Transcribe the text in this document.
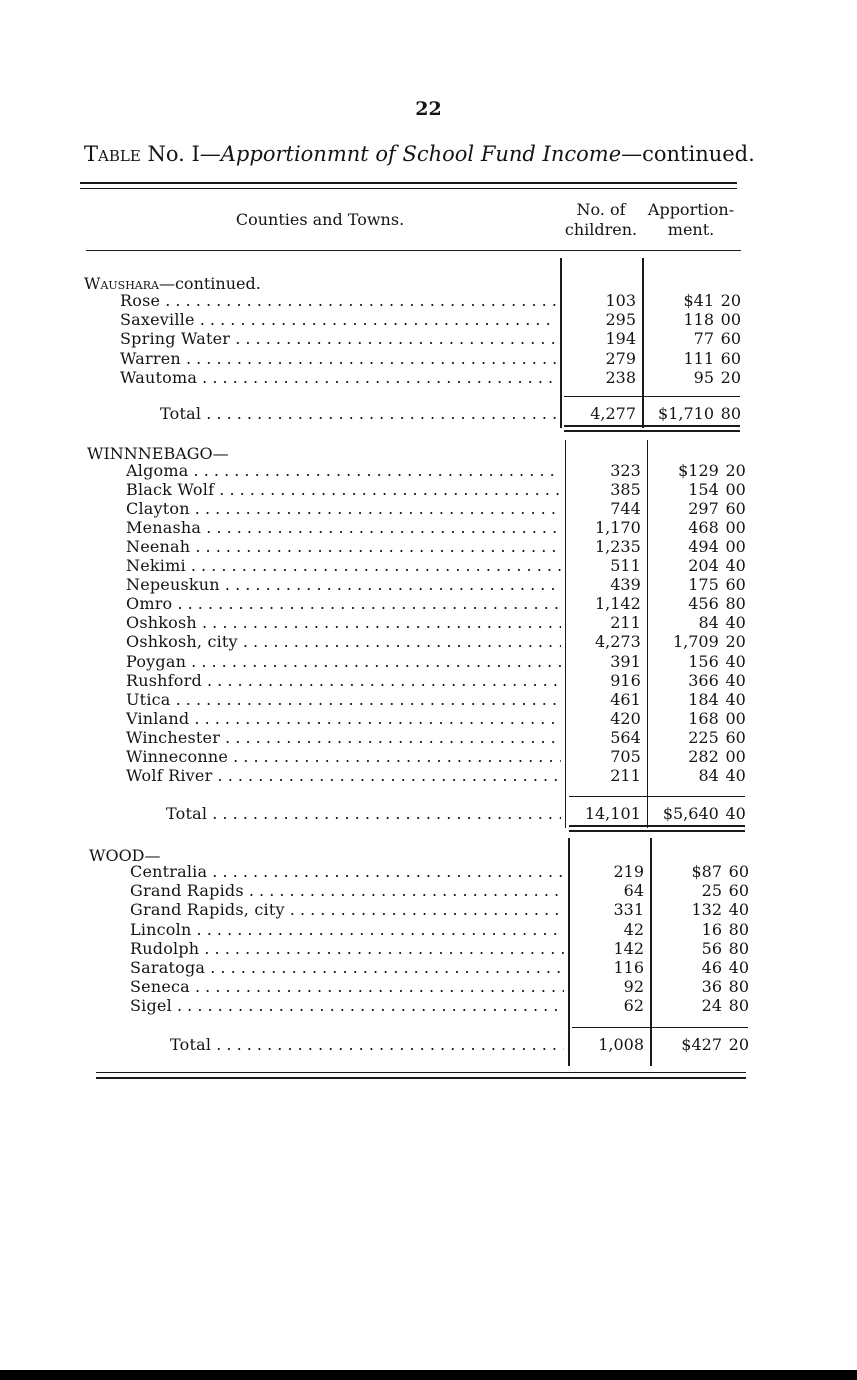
22
Table No. I—Apportionmnt of School Fund Income—continued.
Counties and Towns.
No. of
children.
Apportion-
ment.
Waushara—continued.
Rose . . .	103	$41 20
Saxeville . . .	295	118 00
Spring Water . . .	194	77 60
Warren . . .	279	111 60
Wautoma . . .	238	95 20
Total . . .	4,277	$1,710 80
WINNNEBAGO—
Algoma . . .	323	$129 20
Black Wolf . . .	385	154 00
Clayton . . .	744	297 60
Menasha . . .	1,170	468 00
Neenah . . .	1,235	494 00
Nekimi . . .	511	204 40
Nepeuskun . . .	439	175 60
Omro . . .	1,142	456 80
Oshkosh . . .	211	84 40
Oshkosh, city . . .	4,273	1,709 20
Poygan . . .	391	156 40
Rushford . . .	916	366 40
Utica . . .	461	184 40
Vinland . . .	420	168 00
Winchester . . .	564	225 60
Winneconne . . .	705	282 00
Wolf River . . .	211	84 40
Total . . .	14,101	$5,640 40
WOOD—
Centralia . . .	219	$87 60
Grand Rapids . . .	64	25 60
Grand Rapids, city . . .	331	132 40
Lincoln . . .	42	16 80
Rudolph . . .	142	56 80
Saratoga . . .	116	46 40
Seneca . . .	92	36 80
Sigel . . .	62	24 80
Total . . .	1,008	$427 20
